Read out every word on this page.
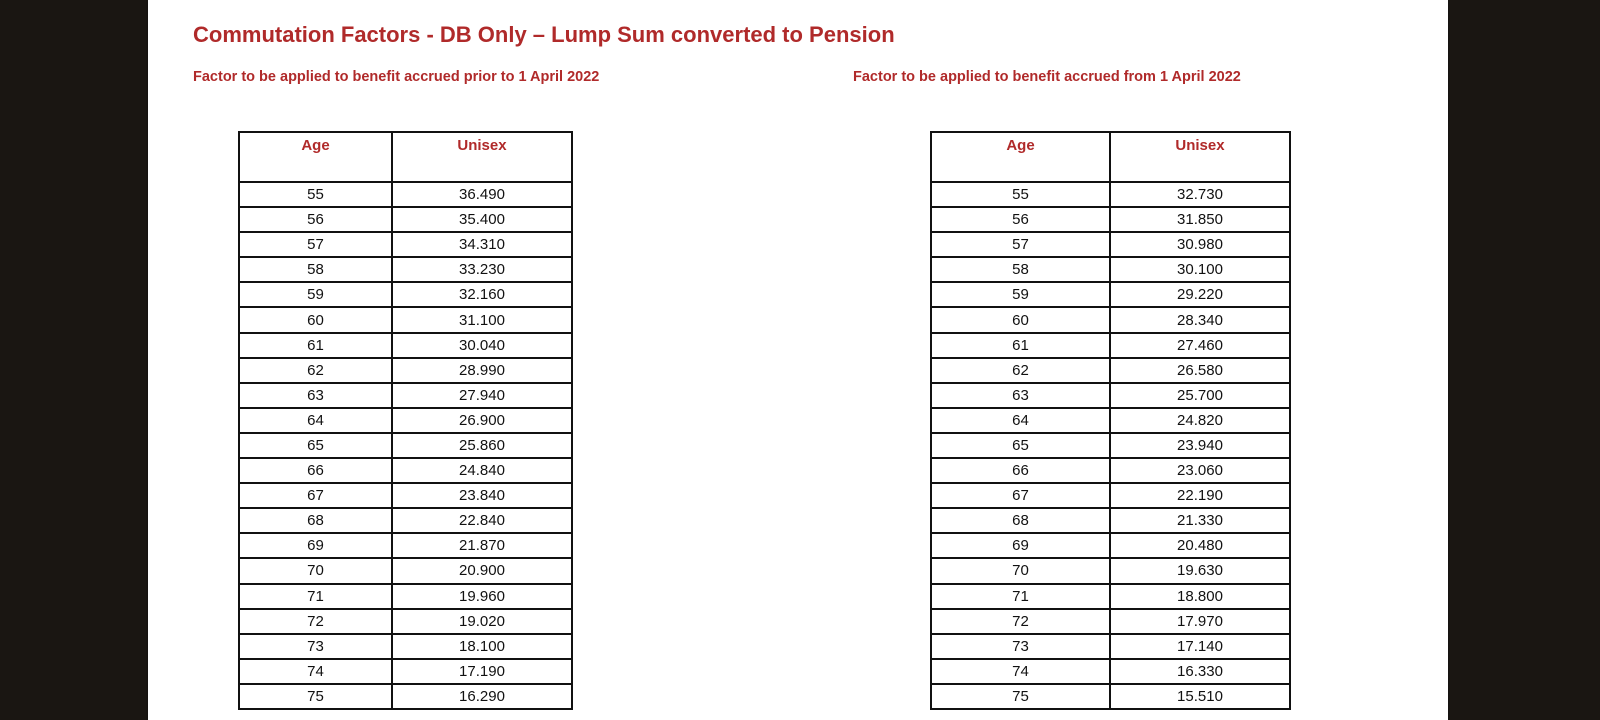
Commutation Factors - DB Only – Lump Sum converted to Pension
Factor to be applied to benefit accrued prior to 1 April 2022	Factor to be applied to benefit accrued from 1 April 2022
Age	Unisex
55	36.490
56	35.400
57	34.310
58	33.230
59	32.160
60	31.100
61	30.040
62	28.990
63	27.940
64	26.900
65	25.860
66	24.840
67	23.840
68	22.840
69	21.870
70	20.900
71	19.960
72	19.020
73	18.100
74	17.190
75	16.290
Age	Unisex
55	32.730
56	31.850
57	30.980
58	30.100
59	29.220
60	28.340
61	27.460
62	26.580
63	25.700
64	24.820
65	23.940
66	23.060
67	22.190
68	21.330
69	20.480
70	19.630
71	18.800
72	17.970
73	17.140
74	16.330
75	15.510
